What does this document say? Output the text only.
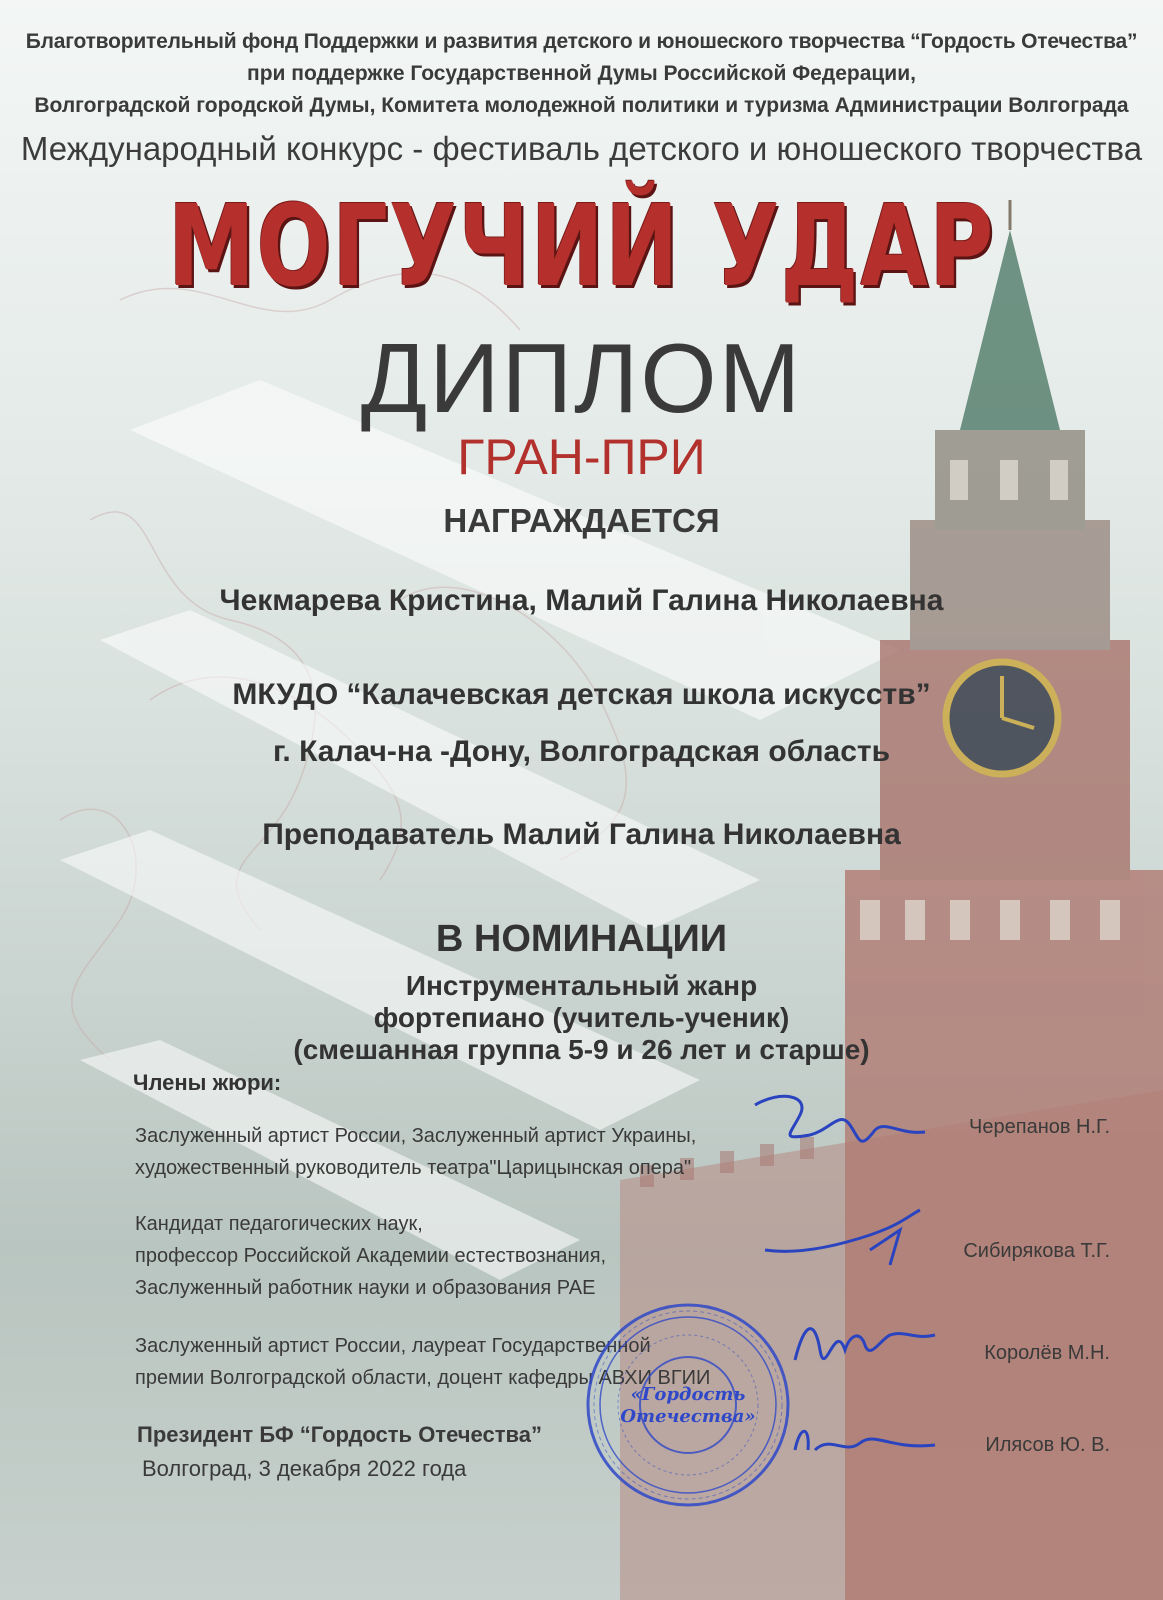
Благотворительный фонд Поддержки и развития детского и юношеского творчества “Гордость Отечества”
при поддержке Государственной Думы Российской Федерации,
Волгоградской городской Думы, Комитета молодежной политики и туризма Администрации Волгограда
Международный конкурс - фестиваль детского и юношеского творчества
МОГУЧИЙ УДАР
ДИПЛОМ
ГРАН-ПРИ
НАГРАЖДАЕТСЯ
Чекмарева Кристина, Малий Галина Николаевна
МКУДО “Калачевская детская школа искусств”
г. Калач-на -Дону, Волгоградская область
Преподаватель Малий Галина Николаевна
В НОМИНАЦИИ
Инструментальный жанр
фортепиано (учитель-ученик)
(смешанная группа 5-9 и 26 лет и старше)
Члены жюри:
Заслуженный артист России, Заслуженный артист Украины,
художественный руководитель театра"Царицынская опера"
Черепанов Н.Г.
Кандидат педагогических наук,
профессор Российской Академии естествознания,
Заслуженный работник науки и образования РАЕ
Сибирякова Т.Г.
Заслуженный артист России, лауреат Государственной
премии Волгоградской области, доцент кафедры АВХИ ВГИИ
Королёв М.Н.
Президент БФ “Гордость Отечества”	Илясов Ю. В.
Волгоград, 3 декабря 2022 года
«Гордость
Отечества»
